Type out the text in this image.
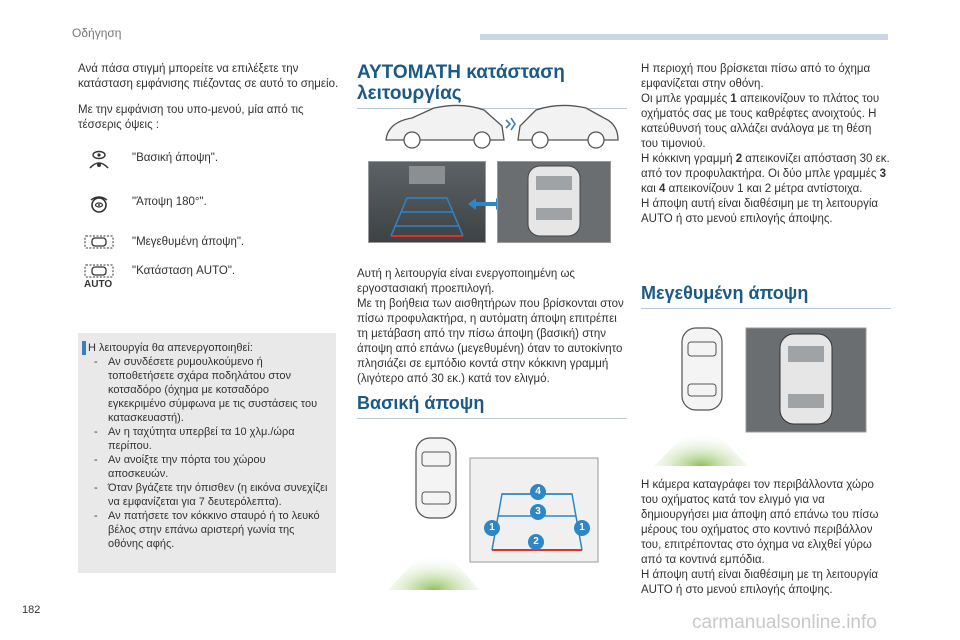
Οδήγηση
Ανά πάσα στιγμή μπορείτε να επιλέξετε την κατάσταση εμφάνισης πιέζοντας σε αυτό το σημείο.
Με την εμφάνιση του υπο-μενού, μία από τις τέσσερις όψεις :
"Βασική άποψη".
"Άποψη 180°".
"Μεγεθυμένη άποψη".
AUTO
"Κατάσταση AUTO".
Η λειτουργία θα απενεργοποιηθεί:
- Αν συνδέσετε ρυμουλκούμενο ή τοποθετήσετε σχάρα ποδηλάτου στον κοτσαδόρο (όχημα με κοτσαδόρο εγκεκριμένο σύμφωνα με τις συστάσεις του κατασκευαστή).
- Αν η ταχύτητα υπερβεί τα 10 χλμ./ώρα περίπου.
- Αν ανοίξτε την πόρτα του χώρου αποσκευών.
- Όταν βγάζετε την όπισθεν (η εικόνα συνεχίζει να εμφανίζεται για 7 δευτερόλεπτα).
- Αν πατήσετε τον κόκκινο σταυρό ή το λευκό βέλος στην επάνω αριστερή γωνία της οθόνης αφής.
ΑΥΤΟΜΑΤΗ κατάσταση
λειτουργίας
Αυτή η λειτουργία είναι ενεργοποιημένη ως εργοστασιακή προεπιλογή.
Με τη βοήθεια των αισθητήρων που βρίσκονται στον πίσω προφυλακτήρα, η αυτόματη άποψη επιτρέπει τη μετάβαση από την πίσω άποψη (βασική) στην άποψη από επάνω (μεγεθυμένη) όταν το αυτοκίνητο πλησιάζει σε εμπόδιο κοντά στην κόκκινη γραμμή (λιγότερο από 30 εκ.) κατά τον ελιγμό.
Βασική άποψη
4
3
1	1
2
Η περιοχή που βρίσκεται πίσω από το όχημα εμφανίζεται στην οθόνη.
Οι μπλε γραμμές 1 απεικονίζουν το πλάτος του οχήματός σας με τους καθρέφτες ανοιχτούς. Η κατεύθυνσή τους αλλάζει ανάλογα με τη θέση του τιμονιού.
Η κόκκινη γραμμή 2 απεικονίζει απόσταση 30 εκ. από τον προφυλακτήρα. Οι δύο μπλε γραμμές 3 και 4 απεικονίζουν 1 και 2 μέτρα αντίστοιχα.
Η άποψη αυτή είναι διαθέσιμη με τη λειτουργία AUTO ή στο μενού επιλογής άποψης.
Μεγεθυμένη άποψη
Η κάμερα καταγράφει τον περιβάλλοντα χώρο του οχήματος κατά τον ελιγμό για να δημιουργήσει μια άποψη από επάνω του πίσω μέρους του οχήματος στο κοντινό περιβάλλον του, επιτρέποντας στο όχημα να ελιχθεί γύρω από τα κοντινά εμπόδια.
Η άποψη αυτή είναι διαθέσιμη με τη λειτουργία AUTO ή στο μενού επιλογής άποψης.
182
carmanualsonline.info
